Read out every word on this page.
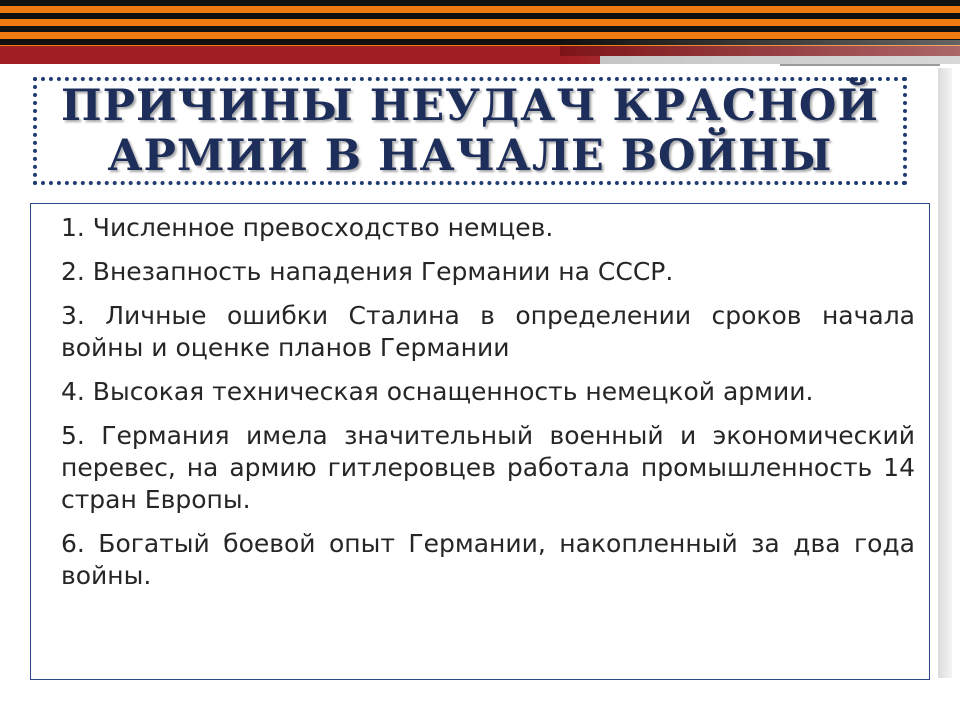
ПРИЧИНЫ НЕУДАЧ КРАСНОЙ
АРМИИ В НАЧАЛЕ ВОЙНЫ

1. Численное превосходство немцев.

2. Внезапность нападения Германии на СССР.

3. Личные ошибки Сталина в определении сроков начала войны и оценке планов Германии

4. Высокая техническая оснащенность немецкой армии.

5. Германия имела значительный военный и экономический перевес, на армию гитлеровцев работала промышленность 14 стран Европы.

6. Богатый боевой опыт Германии, накопленный за два года войны.
